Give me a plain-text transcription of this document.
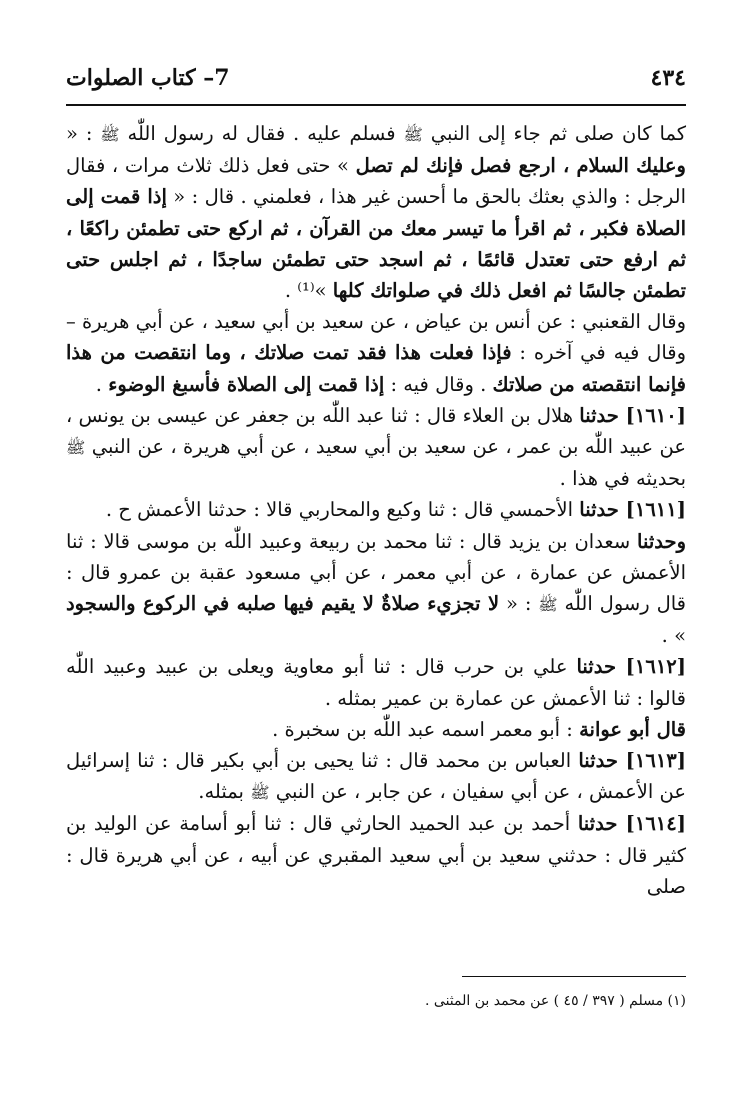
٤٣٤
7– كتاب الصلوات

كما كان صلى ثم جاء إلى النبي ﷺ فسلم عليه . فقال له رسول اللّٰه ﷺ : « وعليك السلام ، ارجع فصل فإنك لم تصل » حتى فعل ذلك ثلاث مرات ، فقال الرجل : والذي بعثك بالحق ما أحسن غير هذا ، فعلمني . قال : « إذا قمت إلى الصلاة فكبر ، ثم اقرأ ما تيسر معك من القرآن ، ثم اركع حتى تطمئن راكعًا ، ثم ارفع حتى تعتدل قائمًا ، ثم اسجد حتى تطمئن ساجدًا ، ثم اجلس حتى تطمئن جالسًا ثم افعل ذلك في صلواتك كلها »⁽¹⁾ .

وقال القعنبي : عن أنس بن عياض ، عن سعيد بن أبي سعيد ، عن أبي هريرة – وقال فيه في آخره : فإذا فعلت هذا فقد تمت صلاتك ، وما انتقصت من هذا فإنما انتقصته من صلاتك . وقال فيه : إذا قمت إلى الصلاة فأسبغ الوضوء .

[١٦١٠] حدثنا هلال بن العلاء قال : ثنا عبد اللّٰه بن جعفر عن عيسى بن يونس ، عن عبيد اللّٰه بن عمر ، عن سعيد بن أبي سعيد ، عن أبي هريرة ، عن النبي ﷺ بحديثه في هذا .

[١٦١١] حدثنا الأحمسي قال : ثنا وكيع والمحاربي قالا : حدثنا الأعمش ح .

وحدثنا سعدان بن يزيد قال : ثنا محمد بن ربيعة وعبيد اللّٰه بن موسى قالا : ثنا الأعمش عن عمارة ، عن أبي معمر ، عن أبي مسعود عقبة بن عمرو قال : قال رسول اللّٰه ﷺ : « لا تجزيء صلاةٌ لا يقيم فيها صلبه في الركوع والسجود » .

[١٦١٢] حدثنا علي بن حرب قال : ثنا أبو معاوية ويعلى بن عبيد وعبيد اللّٰه قالوا : ثنا الأعمش عن عمارة بن عمير بمثله .

قال أبو عوانة : أبو معمر اسمه عبد اللّٰه بن سخبرة .

[١٦١٣] حدثنا العباس بن محمد قال : ثنا يحيى بن أبي بكير قال : ثنا إسرائيل عن الأعمش ، عن أبي سفيان ، عن جابر ، عن النبي ﷺ بمثله.

[١٦١٤] حدثنا أحمد بن عبد الحميد الحارثي قال : ثنا أبو أسامة عن الوليد بن كثير قال : حدثني سعيد بن أبي سعيد المقبري عن أبيه ، عن أبي هريرة قال : صلى

(١) مسلم ( ٣٩٧ / ٤٥ ) عن محمد بن المثنى .
